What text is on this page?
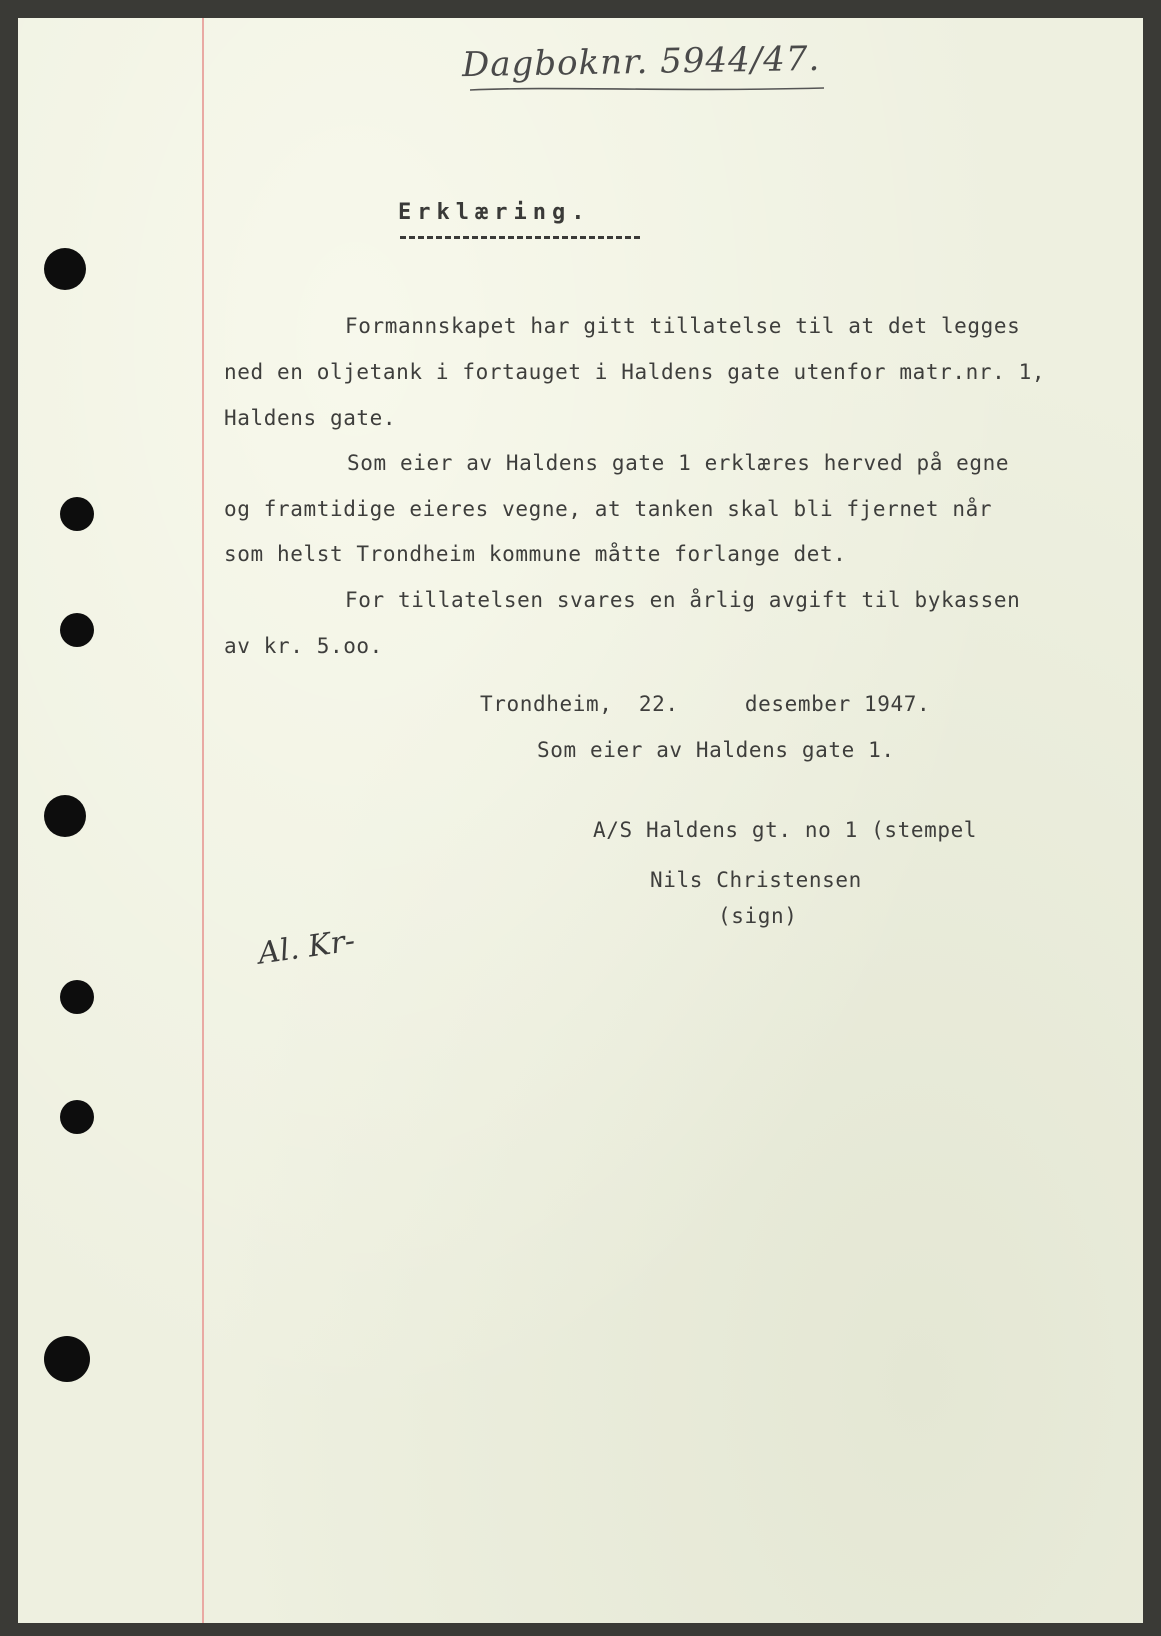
Dagboknr. 5944/47.
Erklæring.
Formannskapet har gitt tillatelse til at det legges
ned en oljetank i fortauget i Haldens gate utenfor matr.nr. 1,
Haldens gate.
Som eier av Haldens gate 1 erklæres herved på egne
og framtidige eieres vegne, at tanken skal bli fjernet når
som helst Trondheim kommune måtte forlange det.
For tillatelsen svares en årlig avgift til bykassen
av kr. 5.oo.
Trondheim,  22.     desember 1947.
Som eier av Haldens gate 1.
A/S Haldens gt. no 1 (stempel
Nils Christensen
(sign)
Al. Kr-
